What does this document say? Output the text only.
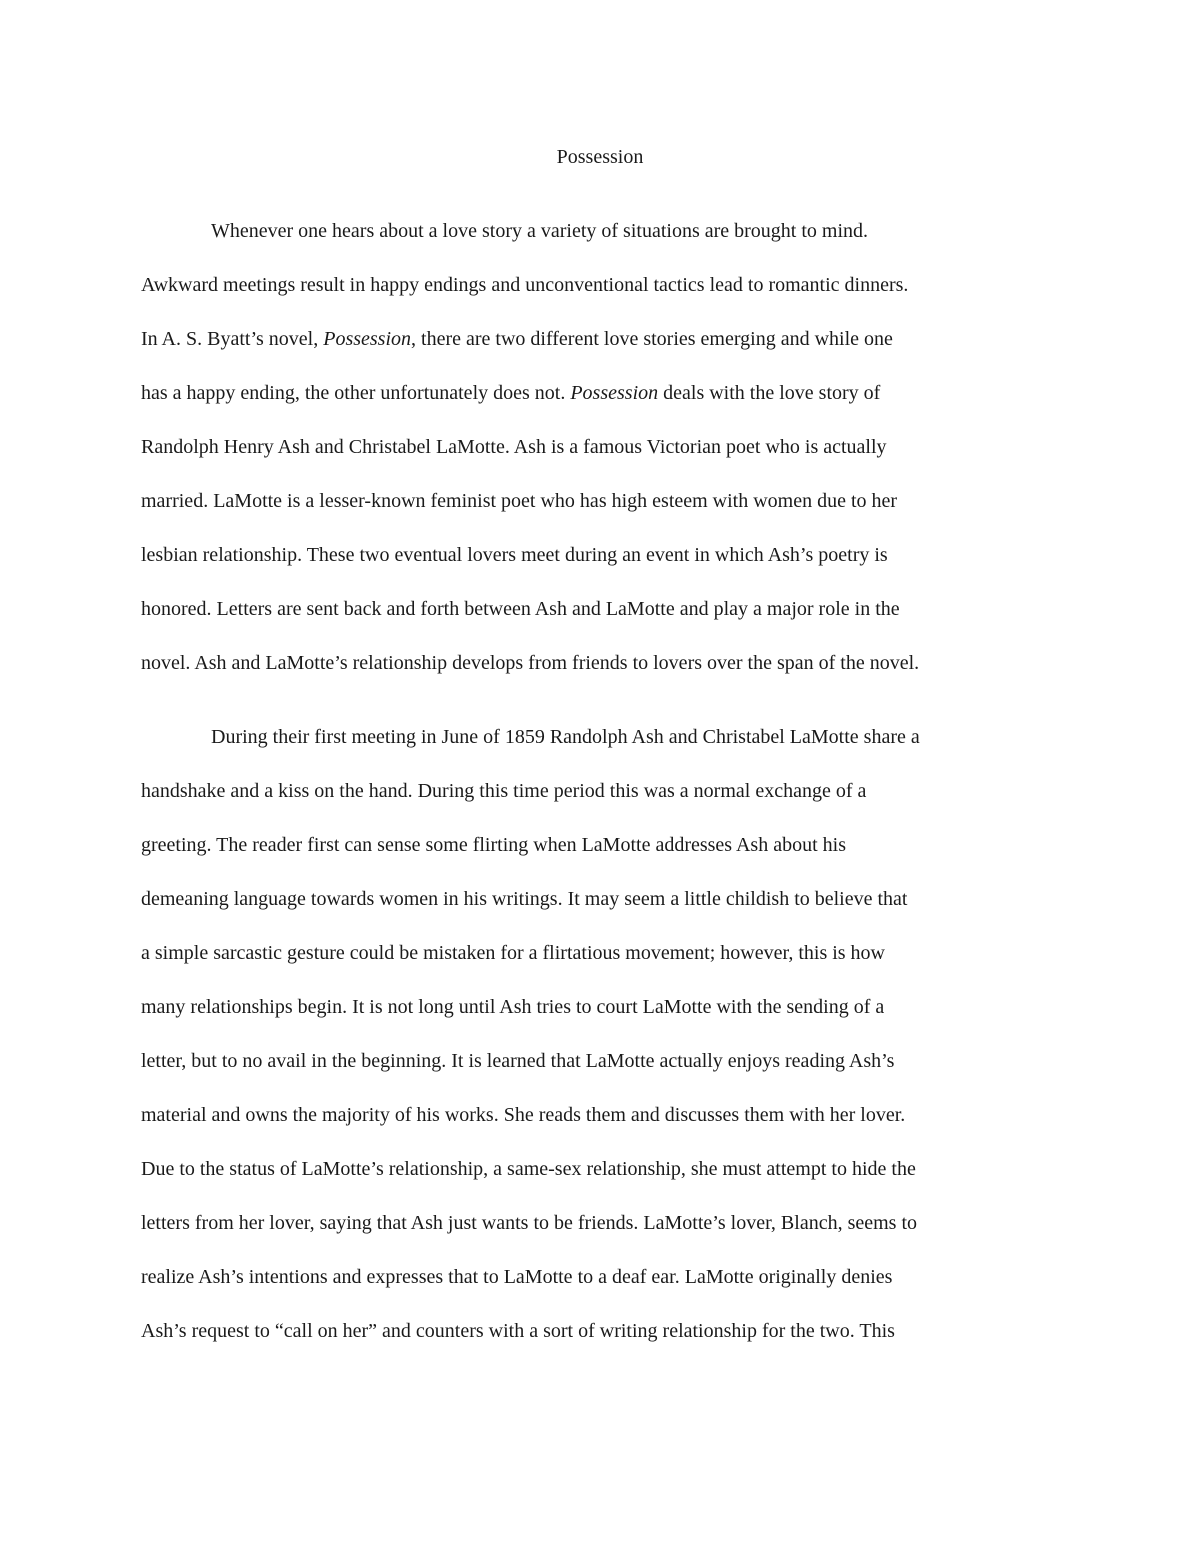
Possession
Whenever one hears about a love story a variety of situations are brought to mind.
Awkward meetings result in happy endings and unconventional tactics lead to romantic dinners.
In A. S. Byatt’s novel, Possession, there are two different love stories emerging and while one
has a happy ending, the other unfortunately does not. Possession deals with the love story of
Randolph Henry Ash and Christabel LaMotte. Ash is a famous Victorian poet who is actually
married. LaMotte is a lesser-known feminist poet who has high esteem with women due to her
lesbian relationship. These two eventual lovers meet during an event in which Ash’s poetry is
honored. Letters are sent back and forth between Ash and LaMotte and play a major role in the
novel. Ash and LaMotte’s relationship develops from friends to lovers over the span of the novel.
During their first meeting in June of 1859 Randolph Ash and Christabel LaMotte share a
handshake and a kiss on the hand. During this time period this was a normal exchange of a
greeting. The reader first can sense some flirting when LaMotte addresses Ash about his
demeaning language towards women in his writings. It may seem a little childish to believe that
a simple sarcastic gesture could be mistaken for a flirtatious movement; however, this is how
many relationships begin. It is not long until Ash tries to court LaMotte with the sending of a
letter, but to no avail in the beginning. It is learned that LaMotte actually enjoys reading Ash’s
material and owns the majority of his works. She reads them and discusses them with her lover.
Due to the status of LaMotte’s relationship, a same-sex relationship, she must attempt to hide the
letters from her lover, saying that Ash just wants to be friends. LaMotte’s lover, Blanch, seems to
realize Ash’s intentions and expresses that to LaMotte to a deaf ear. LaMotte originally denies
Ash’s request to “call on her” and counters with a sort of writing relationship for the two. This
